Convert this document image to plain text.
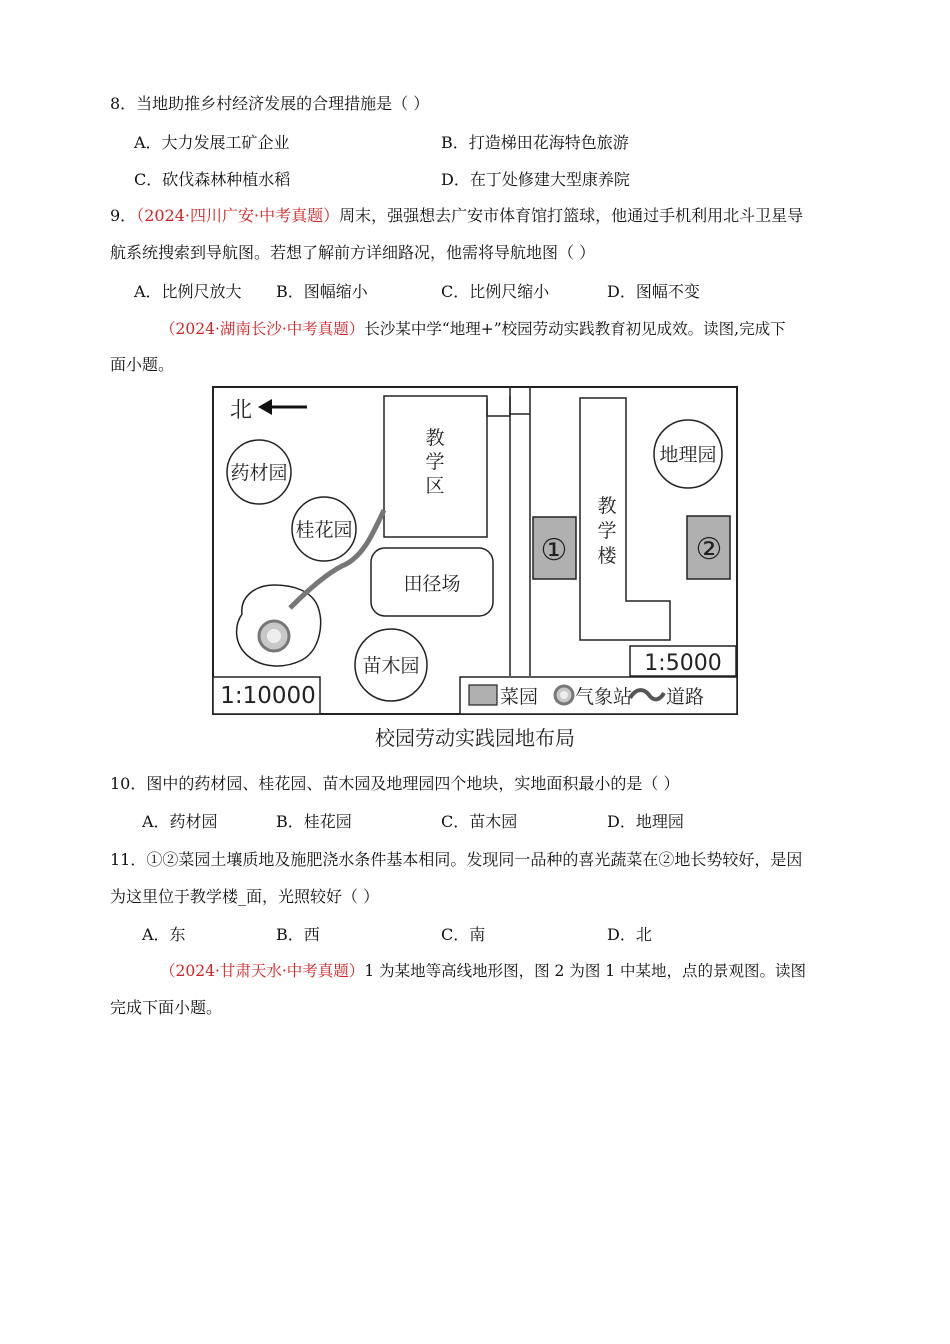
8．当地助推乡村经济发展的合理措施是（ ）
A．大力发展工矿企业	B．打造梯田花海特色旅游
C．砍伐森林种植水稻	D．在丁处修建大型康养院
9．（2024·四川广安·中考真题）周末，强强想去广安市体育馆打篮球，他通过手机利用北斗卫星导
航系统搜索到导航图。若想了解前方详细路况，他需将导航地图（ ）
A．比例尺放大 B．图幅缩小	C．比例尺缩小	D．图幅不变
（2024·湖南长沙·中考真题）长沙某中学“地理+”校园劳动实践教育初见成效。读图,完成下
面小题。
北
药材园
桂花园
教
学
区
田径场
苗木园
教
学
楼
①	②
地理园
1:5000
1:10000	菜园 气象站 道路
校园劳动实践园地布局
10．图中的药材园、桂花园、苗木园及地理园四个地块，实地面积最小的是（ ）
A．药材园	B．桂花园	C．苗木园	D．地理园
11．①②菜园土壤质地及施肥浇水条件基本相同。发现同一品种的喜光蔬菜在②地长势较好，是因
为这里位于教学楼_面，光照较好（ ）
A．东	B．西	C．南	D．北
（2024·甘肃天水·中考真题）1 为某地等高线地形图，图 2 为图 1 中某地，点的景观图。读图
完成下面小题。
